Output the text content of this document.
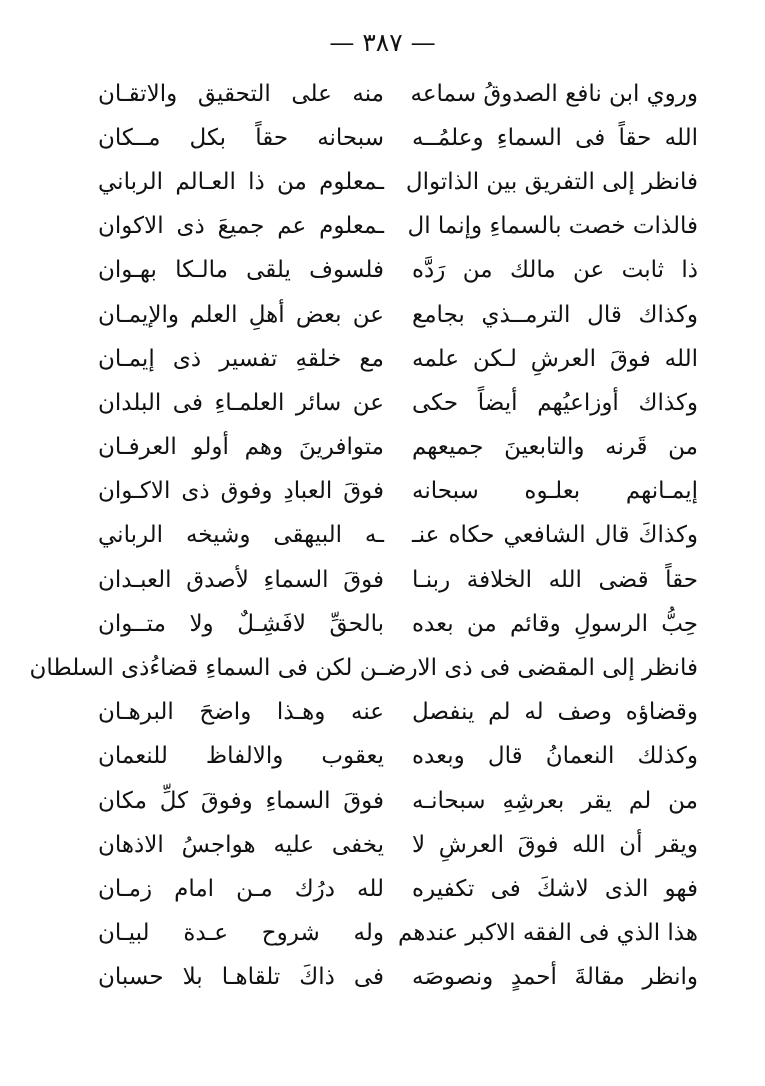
— ٣٨٧ —
وروي ابن نافع الصدوقُ سماعه
منه على التحقيق والاتقـان
الله حقاً فى السماءِ وعلمُــه
سبحانه حقاً بكل مــكان
فانظر إلى التفريق بين الذاتوال
ـمعلوم من ذا العـالم الرباني
فالذات خصت بالسماءِ وإنما ال
ـمعلوم عم جميعَ ذى الاكوان
ذا ثابت عن مالك من رَدَّه
فلسوف يلقى مالـكا بهـوان
وكذاك قال الترمــذي بجامع
عن بعض أهلِ العلم والإيمـان
الله فوقَ العرشِ لـكن علمه
مع خلقهِ تفسير ذى إيمـان
وكذاك أوزاعيُهم أيضاً حكى
عن سائر العلمـاءِ فى البلدان
من قَرنه والتابعينَ جميعهم
متوافرينَ وهم أولو العرفـان
إيمـانهم بعلـوه سبحانه
فوقَ العبادِ وفوق ذى الاكـوان
وكذاكَ قال الشافعي حكاه عنـ
ـه البيهقى وشيخه الرباني
حقاً قضى الله الخلافة ربنـا
فوقَ السماءِ لأصدق العبـدان
حِبُّ الرسولِ وقائم من بعده
بالحقِّ لافَشِـلٌ ولا متــوان
فانظر إلى المقضى فى ذى الارضـ
ـن لكن فى السماءِ قضاءُذى السلطان
وقضاؤه وصف له لم ينفصل
عنه وهـذا واضحَ البرهـان
وكذلك النعمانُ قال وبعده
يعقوب والالفاظ للنعمان
من لم يقر بعرشِهِ سبحانـه
فوقَ السماءِ وفوقَ كلِّ مكان
ويقر أن الله فوقَ العرشِ لا
يخفى عليه هواجسُ الاذهان
فهو الذى لاشكَ فى تكفيره
لله درُك مـن امام زمـان
هذا الذي فى الفقه الاكبر عندهم
وله شروح عـدة لبيـان
وانظر مقالةَ أحمدٍ ونصوصَه
فى ذاكَ تلقاهـا بلا حسبان
